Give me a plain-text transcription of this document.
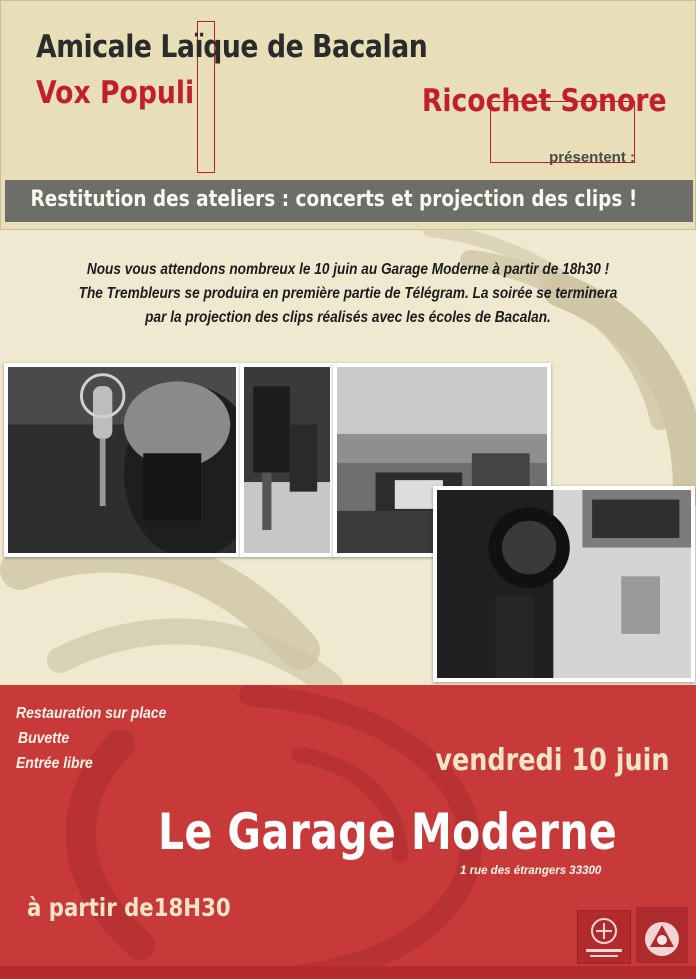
Amicale Laïque de Bacalan
Vox Populi	Ricochet Sonore
présentent :
Restitution des ateliers : concerts et projection des clips !

Nous vous attendons nombreux le 10 juin au Garage Moderne à partir de 18h30 !

The Trembleurs se produira en première partie de Télégram. La soirée se terminera

par la projection des clips réalisés avec les écoles de Bacalan.

Restauration sur place
Buvette
Entrée libre	vendredi 10 juin
Le Garage Moderne
1 rue des étrangers 33300
à partir de18H30
